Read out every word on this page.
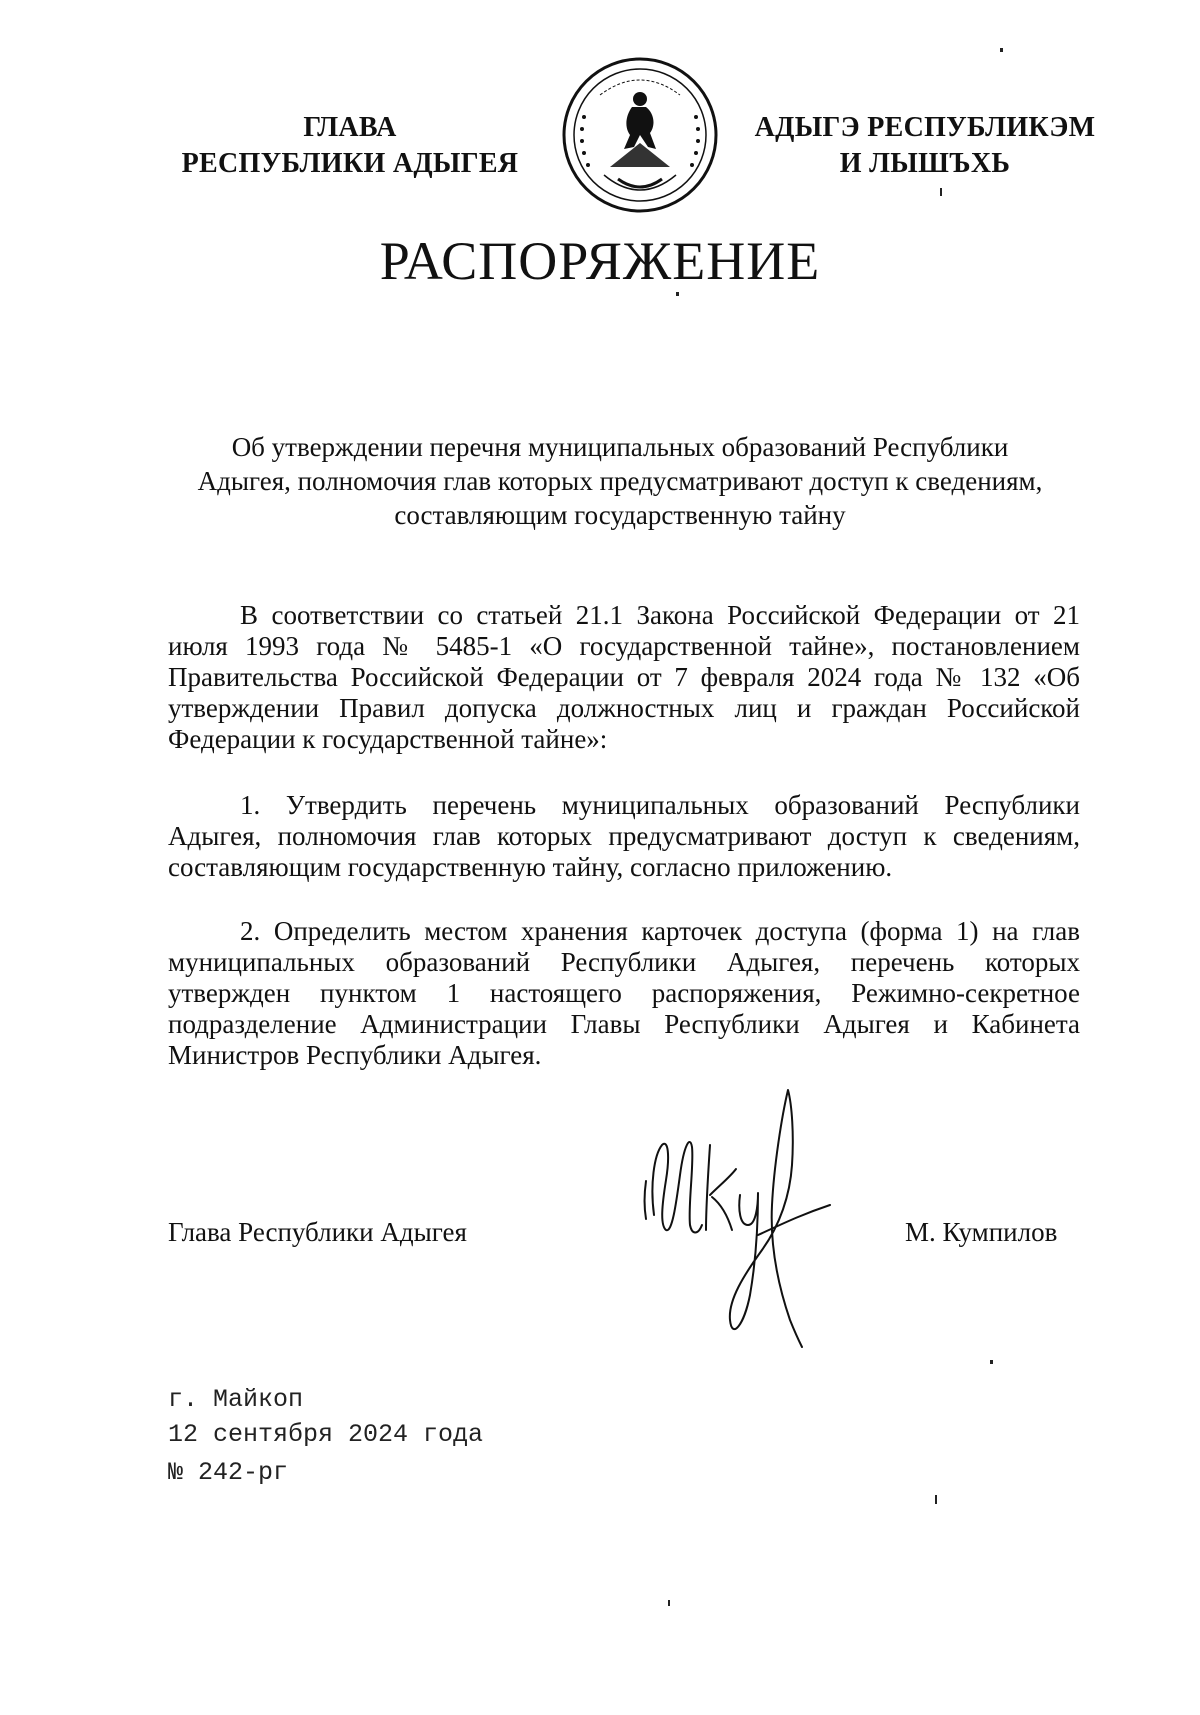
ГЛАВА
РЕСПУБЛИКИ АДЫГЕЯ
АДЫГЭ РЕСПУБЛИКЭМ
И ЛЫШЪХЬ
РАСПОРЯЖЕНИЕ
Об утверждении перечня муниципальных образований Республики
Адыгея, полномочия глав которых предусматривают доступ к сведениям,
составляющим государственную тайну

В соответствии со статьей 21.1 Закона Российской Федерации от 21 июля 1993 года № 5485-1 «О государственной тайне», постановлением Правительства Российской Федерации от 7 февраля 2024 года № 132 «Об утверждении Правил допуска должностных лиц и граждан Российской Федерации к государственной тайне»:

1. Утвердить перечень муниципальных образований Республики Адыгея, полномочия глав которых предусматривают доступ к сведениям, составляющим государственную тайну, согласно приложению.

2. Определить местом хранения карточек доступа (форма 1) на глав муниципальных образований Республики Адыгея, перечень которых утвержден пунктом 1 настоящего распоряжения, Режимно-секретное подразделение Администрации Главы Республики Адыгея и Кабинета Министров Республики Адыгея.

Глава Республики Адыгея	М. Кумпилов
г. Майкоп
12 сентября 2024 года
№ 242-рг
